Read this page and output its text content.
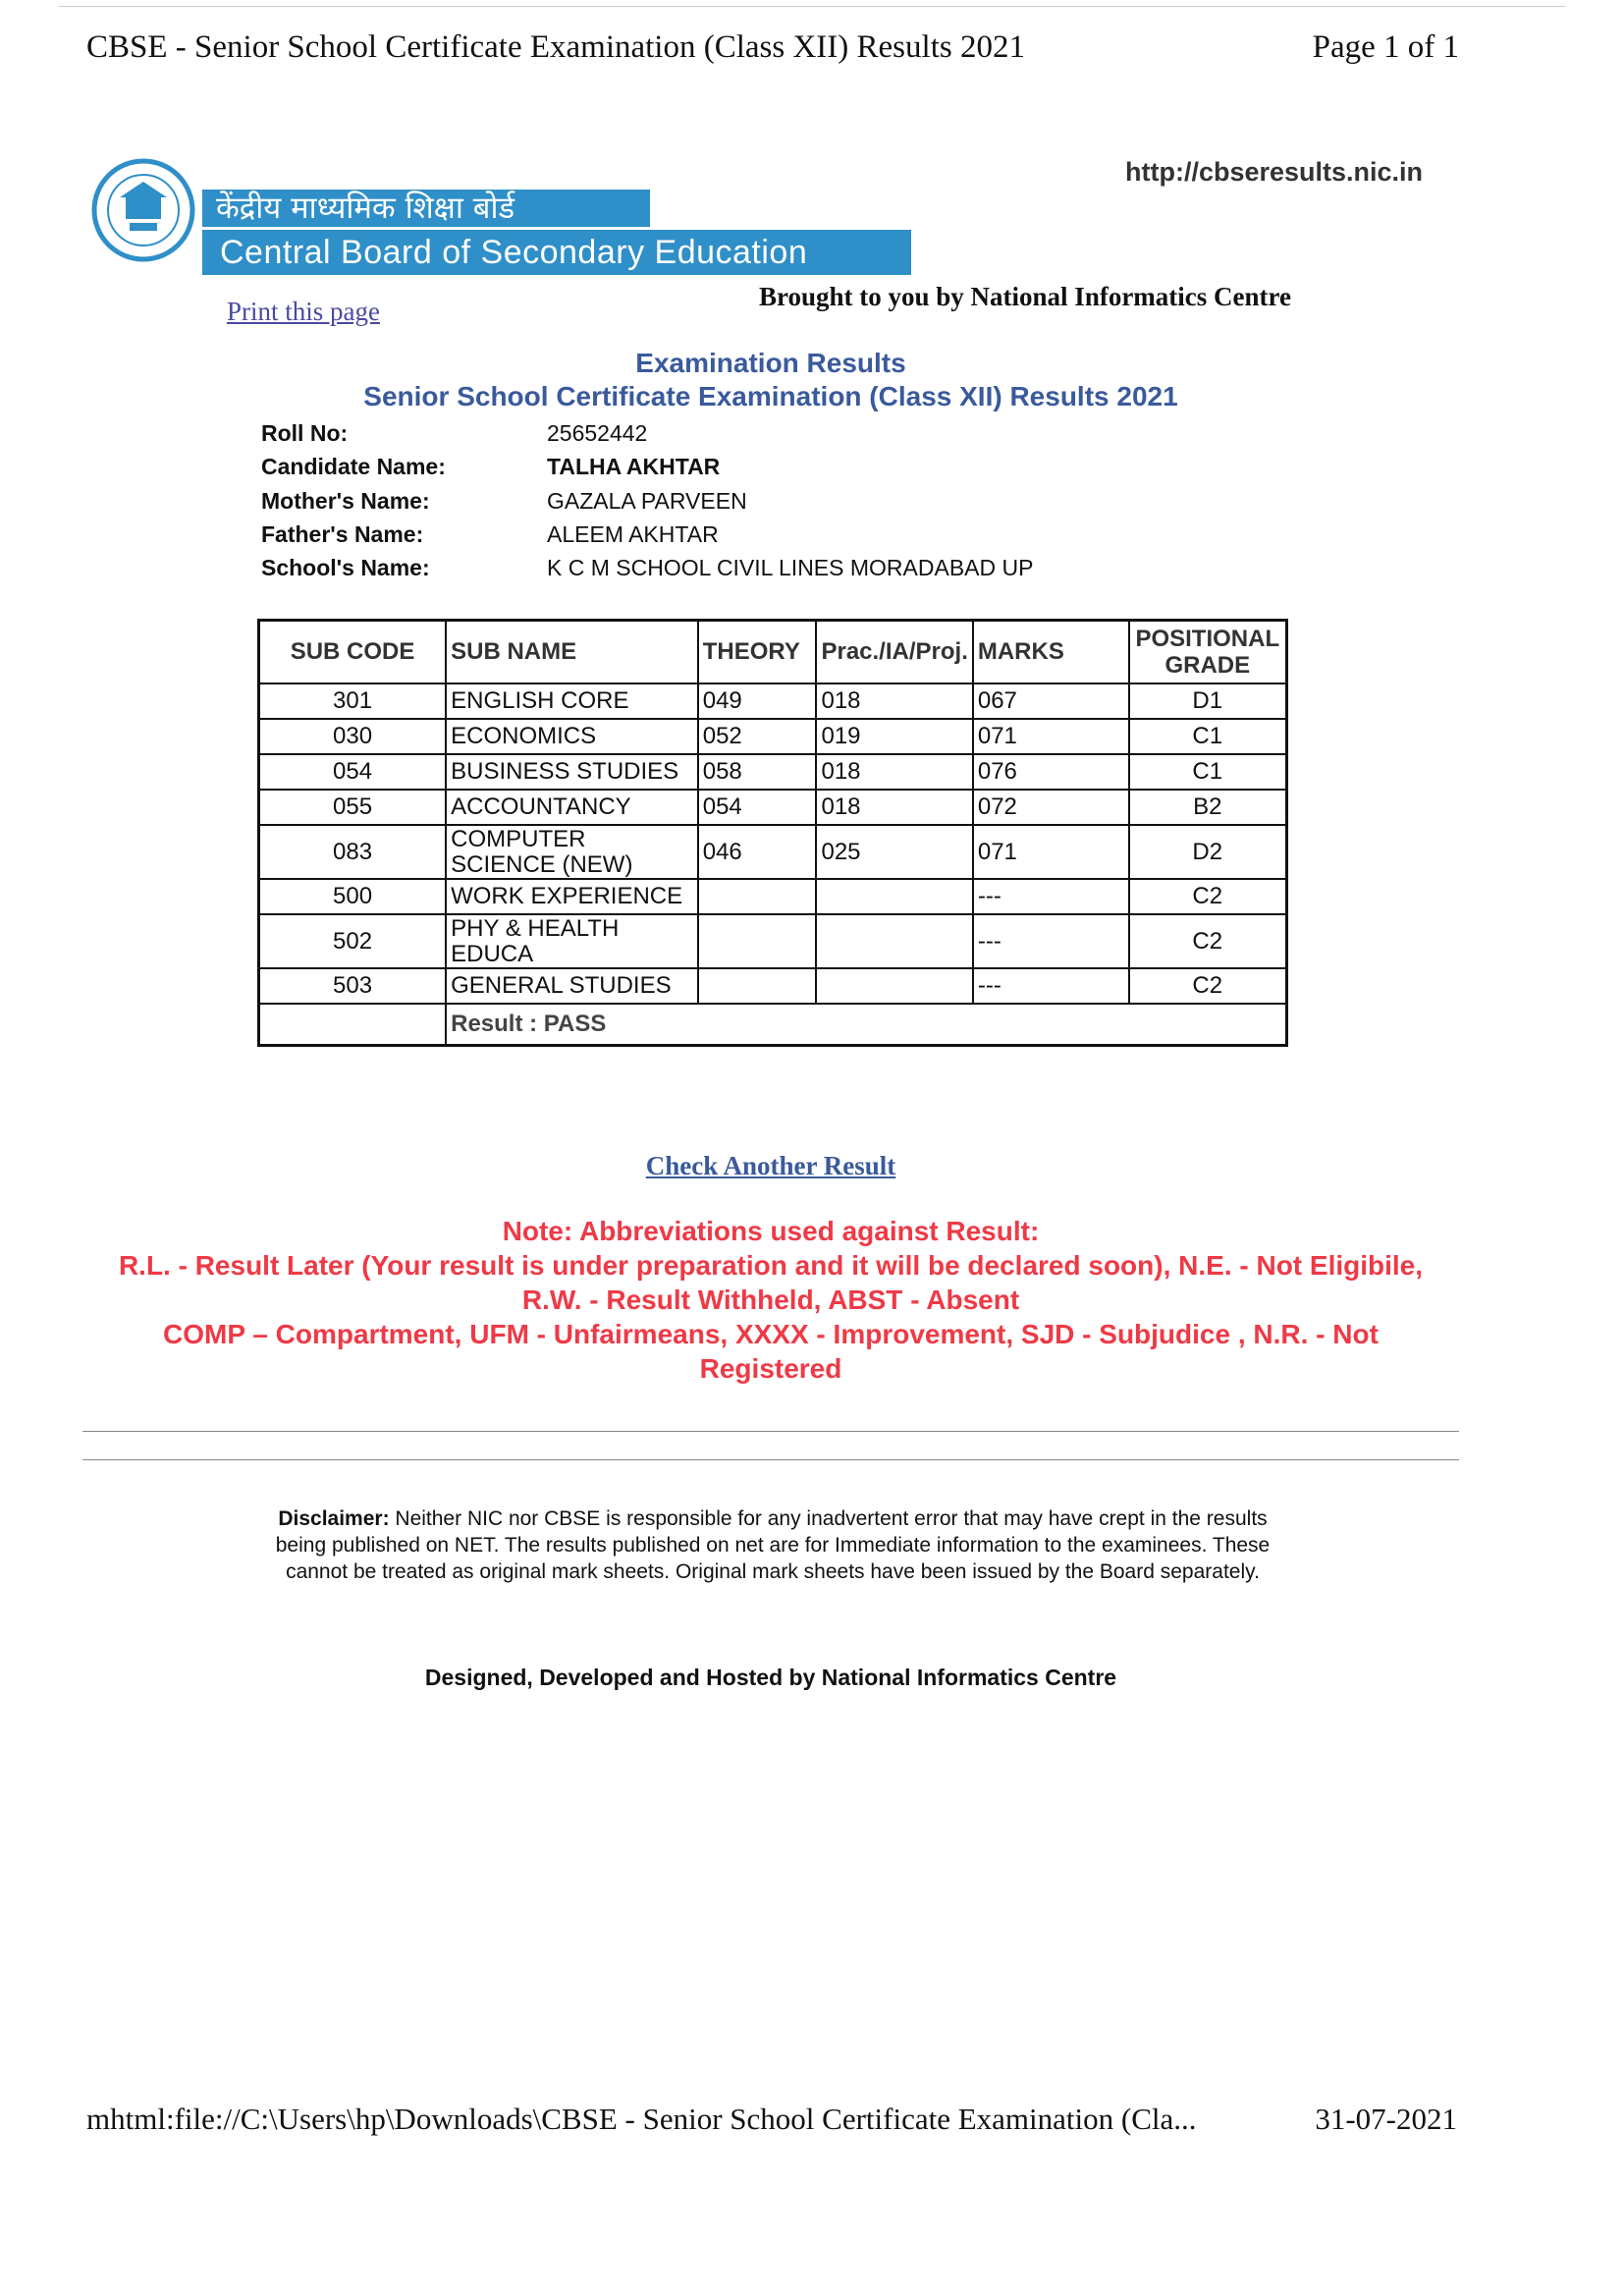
CBSE - Senior School Certificate Examination (Class XII) Results 2021	Page 1 of 1
http://cbseresults.nic.in
केंद्रीय माध्यमिक शिक्षा बोर्ड
Central Board of Secondary Education
Print this page	Brought to you by National Informatics Centre
Examination Results
Senior School Certificate Examination (Class XII) Results 2021
Roll No:	25652442
Candidate Name:	TALHA AKHTAR
Mother's Name:	GAZALA PARVEEN
Father's Name:	ALEEM AKHTAR
School's Name:	K C M SCHOOL CIVIL LINES MORADABAD UP
SUB CODE	SUB NAME	THEORY	Prac./IA/Proj.	MARKS	POSITIONAL
GRADE
301	ENGLISH CORE	049	018	067	D1
030	ECONOMICS	052	019	071	C1
054	BUSINESS STUDIES	058	018	076	C1
055	ACCOUNTANCY	054	018	072	B2
083	COMPUTER
SCIENCE (NEW)	046	025	071	D2
500	WORK EXPERIENCE			---	C2
502	PHY & HEALTH
EDUCA			---	C2
503	GENERAL STUDIES			---	C2
	Result : PASS				
Check Another Result
Note: Abbreviations used against Result:
R.L. - Result Later (Your result is under preparation and it will be declared soon), N.E. - Not Eligibile,
R.W. - Result Withheld, ABST - Absent
COMP – Compartment, UFM - Unfairmeans, XXXX - Improvement, SJD - Subjudice , N.R. - Not
Registered
Disclaimer: Neither NIC nor CBSE is responsible for any inadvertent error that may have crept in the results being published on NET. The results published on net are for Immediate information to the examinees. These cannot be treated as original mark sheets. Original mark sheets have been issued by the Board separately.
Designed, Developed and Hosted by National Informatics Centre
mhtml:file://C:\Users\hp\Downloads\CBSE - Senior School Certificate Examination (Cla...	31-07-2021
